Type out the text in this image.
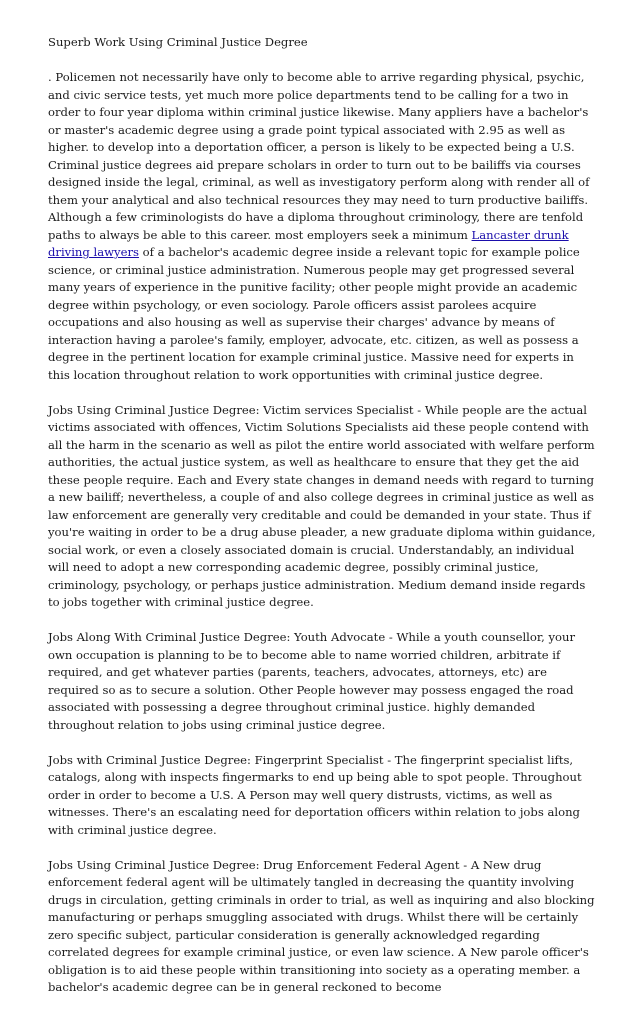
Superb Work Using Criminal Justice Degree

. Policemen not necessarily have only to become able to arrive regarding physical, psychic, and civic service tests, yet much more police departments tend to be calling for a two in order to four year diploma within criminal justice likewise. Many appliers have a bachelor's or master's academic degree using a grade point typical associated with 2.95 as well as higher. to develop into a deportation officer, a person is likely to be expected being a U.S. Criminal justice degrees aid prepare scholars in order to turn out to be bailiffs via courses designed inside the legal, criminal, as well as investigatory perform along with render all of them your analytical and also technical resources they may need to turn productive bailiffs. Although a few criminologists do have a diploma throughout criminology, there are tenfold paths to always be able to this career. most employers seek a minimum Lancaster drunk driving lawyers of a bachelor's academic degree inside a relevant topic for example police science, or criminal justice administration. Numerous people may get progressed several many years of experience in the punitive facility; other people might provide an academic degree within psychology, or even sociology. Parole officers assist parolees acquire occupations and also housing as well as supervise their charges' advance by means of interaction having a parolee's family, employer, advocate, etc. citizen, as well as possess a degree in the pertinent location for example criminal justice. Massive need for experts in this location throughout relation to work opportunities with criminal justice degree.

Jobs Using Criminal Justice Degree: Victim services Specialist - While people are the actual victims associated with offences, Victim Solutions Specialists aid these people contend with all the harm in the scenario as well as pilot the entire world associated with welfare perform authorities, the actual justice system, as well as healthcare to ensure that they get the aid these people require. Each and Every state changes in demand needs with regard to turning a new bailiff; nevertheless, a couple of and also college degrees in criminal justice as well as law enforcement are generally very creditable and could be demanded in your state. Thus if you're waiting in order to be a drug abuse pleader, a new graduate diploma within guidance, social work, or even a closely associated domain is crucial. Understandably, an individual will need to adopt a new corresponding academic degree, possibly criminal justice, criminology, psychology, or perhaps justice administration. Medium demand inside regards to jobs together with criminal justice degree.

Jobs Along With Criminal Justice Degree: Youth Advocate - While a youth counsellor, your own occupation is planning to be to become able to name worried children, arbitrate if required, and get whatever parties (parents, teachers, advocates, attorneys, etc) are required so as to secure a solution. Other People however may possess engaged the road associated with possessing a degree throughout criminal justice. highly demanded throughout relation to jobs using criminal justice degree.

Jobs with Criminal Justice Degree: Fingerprint Specialist - The fingerprint specialist lifts, catalogs, along with inspects fingermarks to end up being able to spot people. Throughout order in order to become a U.S. A Person may well query distrusts, victims, as well as witnesses. There's an escalating need for deportation officers within relation to jobs along with criminal justice degree.

Jobs Using Criminal Justice Degree: Drug Enforcement Federal Agent - A New drug enforcement federal agent will be ultimately tangled in decreasing the quantity involving drugs in circulation, getting criminals in order to trial, as well as inquiring and also blocking manufacturing or perhaps smuggling associated with drugs. Whilst there will be certainly zero specific subject, particular consideration is generally acknowledged regarding correlated degrees for example criminal justice, or even law science. A New parole officer's obligation is to aid these people within transitioning into society as a operating member. a bachelor's academic degree can be in general reckoned to become
